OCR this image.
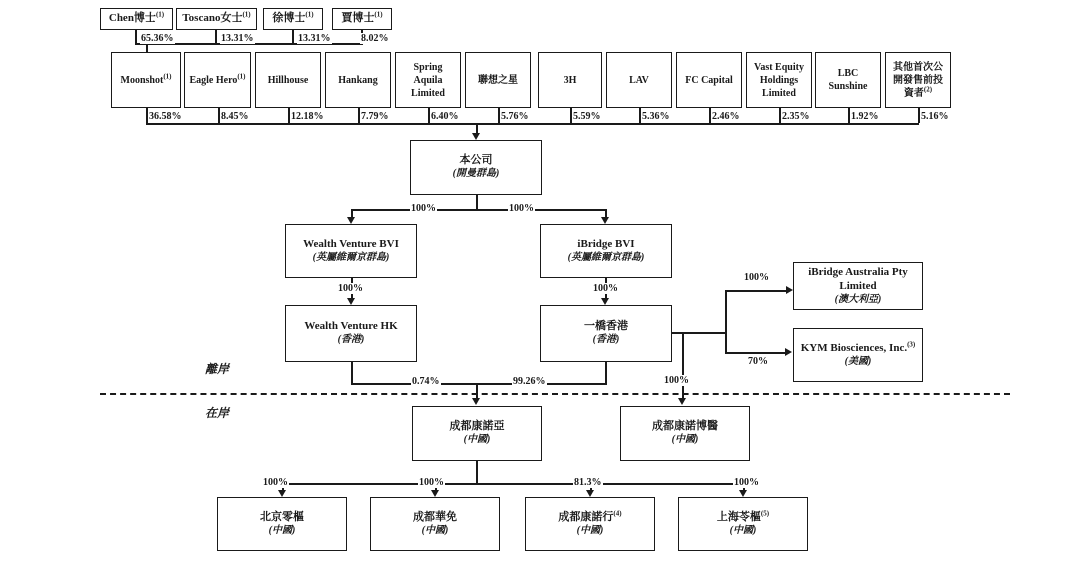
Chen博士$^{(1)}$ Toscano女士$^{(1)}$ 徐博士$^{(1)}$	賈博士$^{(1)}$
65.36%	13.31%	13.31%	8.02%
Moonshot$^{(1)}$ Eagle Hero$^{(1)}$ Hillhouse	Hankang
Spring Aquila Limited
聯想之星	3H	LAV	FC Capital
Vast Equity Holdings Limited
LBC Sunshine
其他首次公開發售前投資者$^{(2)}$
36.58%	8.45%	12.18%	7.79%	6.40%	5.76%	5.59%	5.36%	2.46%	2.35%	1.92%	5.16%
本公司
(開曼群島)
100%	100%
Wealth Venture BVI
(英屬維爾京群島)
iBridge BVI
(英屬維爾京群島)
100%	100%
Wealth Venture HK
(香港)
一橋香港
(香港)
100%
70%
100%
iBridge Australia Pty Limited
(澳大利亞)
KYM Biosciences, Inc.$^{(3)}$
(美國)
0.74%	99.26%
離岸
在岸
成都康諾亞
(中國)
成都康諾博醫
(中國)
100%	100%	81.3%	100%
北京零樞
(中國)
成都華免
(中國)
成都康諾行$^{(4)}$
(中國)
上海苓樞$^{(5)}$
(中國)
